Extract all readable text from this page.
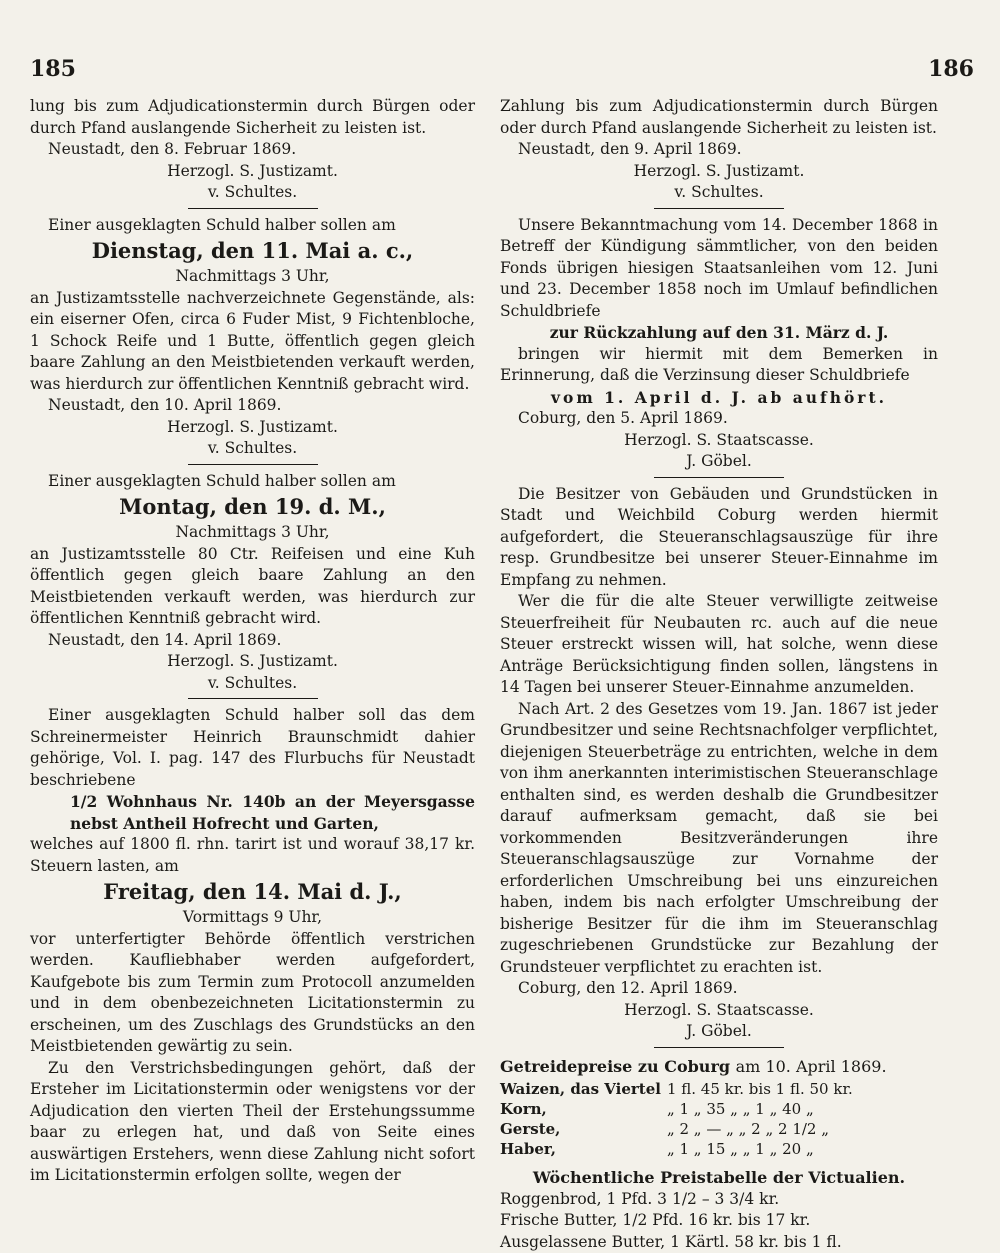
185	186

lung bis zum Adjudicationstermin durch Bürgen oder durch Pfand auslangende Sicherheit zu leisten ist.

Neustadt, den 8. Februar 1869.

Herzogl. S. Justizamt.

v. Schultes.

Einer ausgeklagten Schuld halber sollen am

Dienstag, den 11. Mai a. c.,

Nachmittags 3 Uhr,

an Justizamtsstelle nachverzeichnete Gegenstände, als: ein eiserner Ofen, circa 6 Fuder Mist, 9 Fichtenbloche, 1 Schock Reife und 1 Butte, öffentlich gegen gleich baare Zahlung an den Meistbietenden verkauft werden, was hierdurch zur öffentlichen Kenntniß gebracht wird.

Neustadt, den 10. April 1869.

Herzogl. S. Justizamt.

v. Schultes.

Einer ausgeklagten Schuld halber sollen am

Montag, den 19. d. M.,

Nachmittags 3 Uhr,

an Justizamtsstelle 80 Ctr. Reifeisen und eine Kuh öffentlich gegen gleich baare Zahlung an den Meistbietenden verkauft werden, was hierdurch zur öffentlichen Kenntniß gebracht wird.

Neustadt, den 14. April 1869.

Herzogl. S. Justizamt.

v. Schultes.

Einer ausgeklagten Schuld halber soll das dem Schreinermeister Heinrich Braunschmidt dahier gehörige, Vol. I. pag. 147 des Flurbuchs für Neustadt beschriebene

1/2 Wohnhaus Nr. 140b an der Meyersgasse nebst Antheil Hofrecht und Garten,

welches auf 1800 fl. rhn. tarirt ist und worauf 38,17 kr. Steuern lasten, am

Freitag, den 14. Mai d. J.,

Vormittags 9 Uhr,

vor unterfertigter Behörde öffentlich verstrichen werden. Kaufliebhaber werden aufgefordert, Kaufgebote bis zum Termin zum Protocoll anzumelden und in dem obenbezeichneten Licitationstermin zu erscheinen, um des Zuschlags des Grundstücks an den Meistbietenden gewärtig zu sein.

Zu den Verstrichsbedingungen gehört, daß der Ersteher im Licitationstermin oder wenigstens vor der Adjudication den vierten Theil der Erstehungssumme baar zu erlegen hat, und daß von Seite eines auswärtigen Erstehers, wenn diese Zahlung nicht sofort im Licitationstermin erfolgen sollte, wegen der

Zahlung bis zum Adjudicationstermin durch Bürgen oder durch Pfand auslangende Sicherheit zu leisten ist.

Neustadt, den 9. April 1869.

Herzogl. S. Justizamt.

v. Schultes.

Unsere Bekanntmachung vom 14. December 1868 in Betreff der Kündigung sämmtlicher, von den beiden Fonds übrigen hiesigen Staatsanleihen vom 12. Juni und 23. December 1858 noch im Umlauf befindlichen Schuldbriefe

zur Rückzahlung auf den 31. März d. J.

bringen wir hiermit mit dem Bemerken in Erinnerung, daß die Verzinsung dieser Schuldbriefe

vom 1. April d. J. ab aufhört.

Coburg, den 5. April 1869.

Herzogl. S. Staatscasse.

J. Göbel.

Die Besitzer von Gebäuden und Grundstücken in Stadt und Weichbild Coburg werden hiermit aufgefordert, die Steueranschlagsauszüge für ihre resp. Grundbesitze bei unserer Steuer-Einnahme im Empfang zu nehmen.

Wer die für die alte Steuer verwilligte zeitweise Steuerfreiheit für Neubauten rc. auch auf die neue Steuer erstreckt wissen will, hat solche, wenn diese Anträge Berücksichtigung finden sollen, längstens in 14 Tagen bei unserer Steuer-Einnahme anzumelden.

Nach Art. 2 des Gesetzes vom 19. Jan. 1867 ist jeder Grundbesitzer und seine Rechtsnachfolger verpflichtet, diejenigen Steuerbeträge zu entrichten, welche in dem von ihm anerkannten interimistischen Steueranschlage enthalten sind, es werden deshalb die Grundbesitzer darauf aufmerksam gemacht, daß sie bei vorkommenden Besitzveränderungen ihre Steueranschlagsauszüge zur Vornahme der erforderlichen Umschreibung bei uns einzureichen haben, indem bis nach erfolgter Umschreibung der bisherige Besitzer für die ihm im Steueranschlag zugeschriebenen Grundstücke zur Bezahlung der Grundsteuer verpflichtet zu erachten ist.

Coburg, den 12. April 1869.

Herzogl. S. Staatscasse.

J. Göbel.

Getreidepreise zu Coburg am 10. April 1869.

Waizen, das Viertel	1 fl. 45 kr. bis 1 fl. 50 kr.
Korn,	„ 1 „ 35 „ „ 1 „ 40 „
Gerste,	„ 2 „ — „ „ 2 „ 2 1/2 „
Haber,	„ 1 „ 15 „ „ 1 „ 20 „

Wöchentliche Preistabelle der Victualien.

Roggenbrod, 1 Pfd. 3 1/2 – 3 3/4 kr.

Frische Butter, 1/2 Pfd. 16 kr. bis 17 kr.

Ausgelassene Butter, 1 Kärtl. 58 kr. bis 1 fl.
